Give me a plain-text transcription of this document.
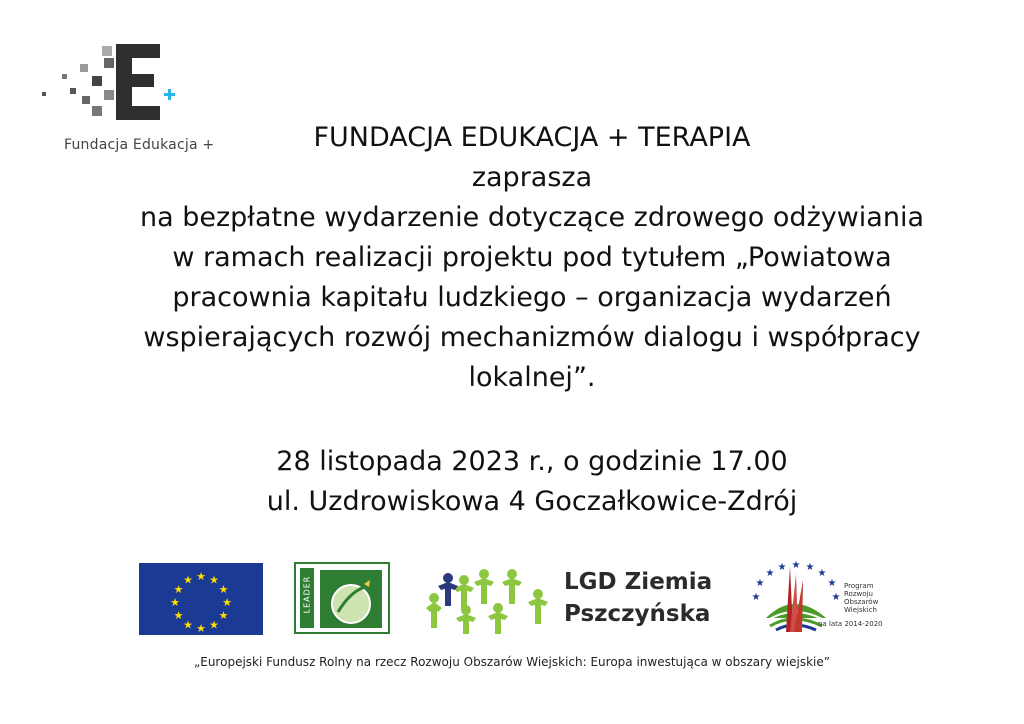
Fundacja Edukacja +	FUNDACJA EDUKACJA + TERAPIA

zaprasza

na bezpłatne wydarzenie dotyczące zdrowego odżywiania

w ramach realizacji projektu pod tytułem „Powiatowa

pracownia kapitału ludzkiego – organizacja wydarzeń

wspierających rozwój mechanizmów dialogu i współpracy

lokalnej”.

28 listopada 2023 r., o godzinie 17.00

ul. Uzdrowiskowa 4 Goczałkowice-Zdrój

★ ★
★
★
★
★
★
★
★
★
★
★	LEADER	LGD Ziemia
Pszczyńska
★
★
★ ★ ★
★
★
★	★
Program
Rozwoju
Obszarów
Wiejskich
na lata 2014-2020
„Europejski Fundusz Rolny na rzecz Rozwoju Obszarów Wiejskich: Europa inwestująca w obszary wiejskie”
